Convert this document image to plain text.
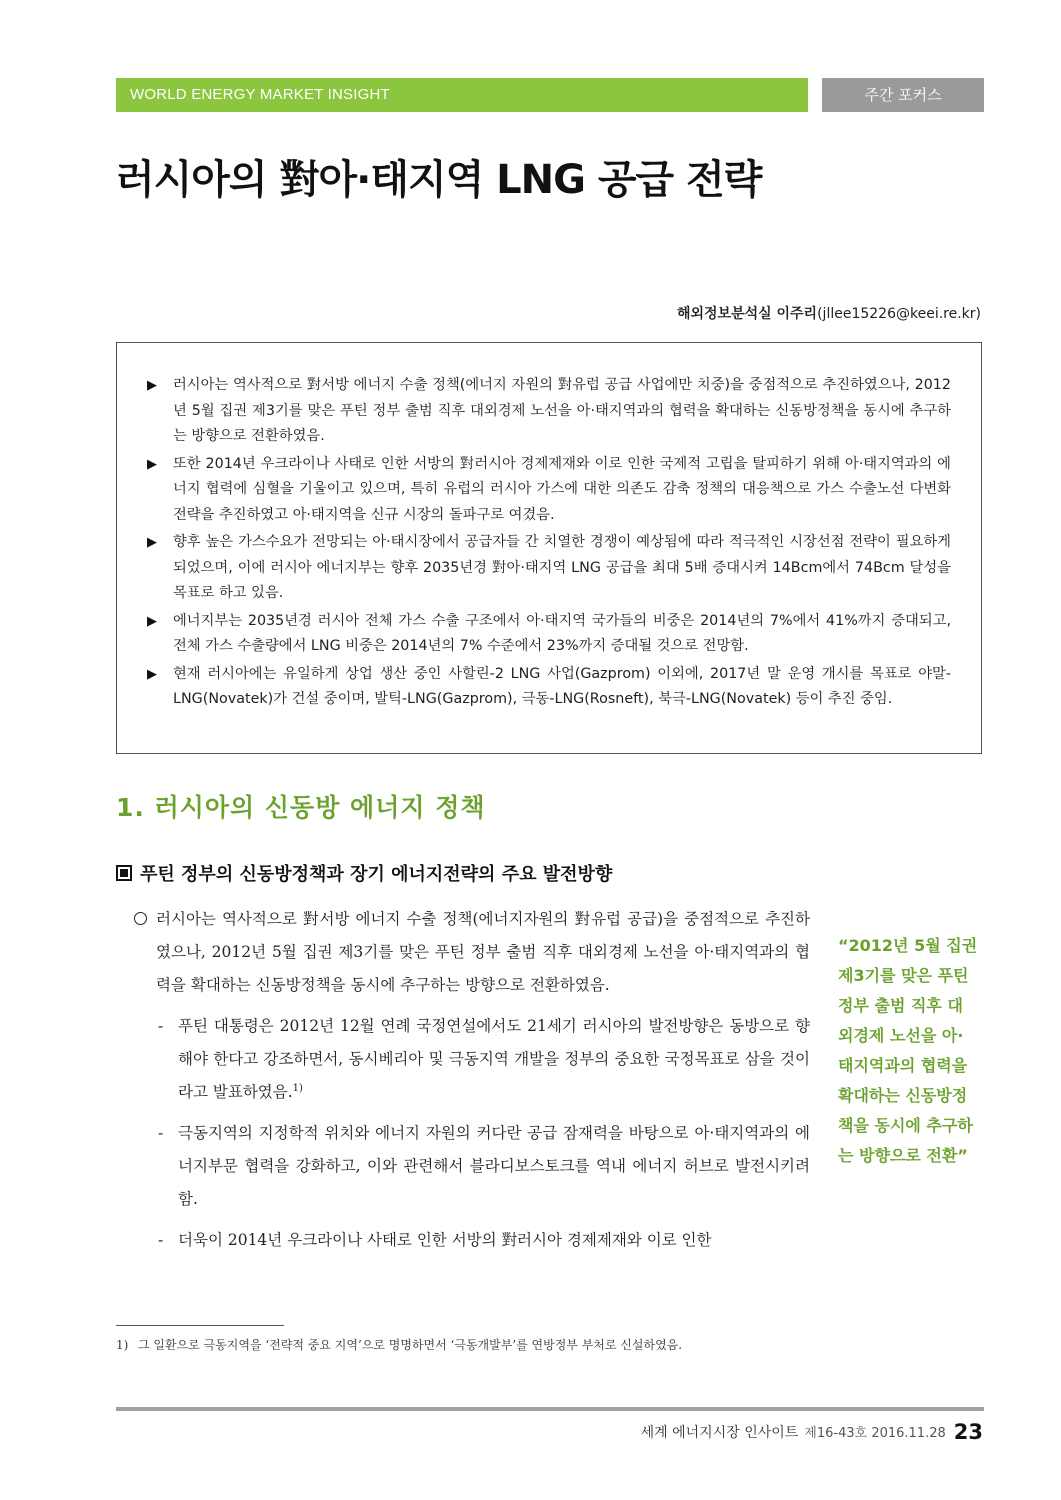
WORLD ENERGY MARKET INSIGHT	주간 포커스
러시아의 對아·태지역 LNG 공급 전략
해외정보분석실 이주리(jllee15226@keei.re.kr)
▶ 러시아는 역사적으로 對서방 에너지 수출 정책(에너지 자원의 對유럽 공급 사업에만 치중)을 중점적으로 추진하였으나, 2012년 5월 집권 제3기를 맞은 푸틴 정부 출범 직후 대외경제 노선을 아·태지역과의 협력을 확대하는 신동방정책을 동시에 추구하는 방향으로 전환하였음.
▶ 또한 2014년 우크라이나 사태로 인한 서방의 對러시아 경제제재와 이로 인한 국제적 고립을 탈피하기 위해 아·태지역과의 에너지 협력에 심혈을 기울이고 있으며, 특히 유럽의 러시아 가스에 대한 의존도 감축 정책의 대응책으로 가스 수출노선 다변화 전략을 추진하였고 아·태지역을 신규 시장의 돌파구로 여겼음.
▶ 향후 높은 가스수요가 전망되는 아·태시장에서 공급자들 간 치열한 경쟁이 예상됨에 따라 적극적인 시장선점 전략이 필요하게 되었으며, 이에 러시아 에너지부는 향후 2035년경 對아·태지역 LNG 공급을 최대 5배 증대시켜 14Bcm에서 74Bcm 달성을 목표로 하고 있음.
▶ 에너지부는 2035년경 러시아 전체 가스 수출 구조에서 아·태지역 국가들의 비중은 2014년의 7%에서 41%까지 증대되고, 전체 가스 수출량에서 LNG 비중은 2014년의 7% 수준에서 23%까지 증대될 것으로 전망함.
▶ 현재 러시아에는 유일하게 상업 생산 중인 사할린-2 LNG 사업(Gazprom) 이외에, 2017년 말 운영 개시를 목표로 야말-LNG(Novatek)가 건설 중이며, 발틱-LNG(Gazprom), 극동-LNG(Rosneft), 북극-LNG(Novatek) 등이 추진 중임.
1. 러시아의 신동방 에너지 정책
푸틴 정부의 신동방정책과 장기 에너지전략의 주요 발전방향
러시아는 역사적으로 對서방 에너지 수출 정책(에너지자원의 對유럽 공급)을 중점적으로 추진하였으나, 2012년 5월 집권 제3기를 맞은 푸틴 정부 출범 직후 대외경제 노선을 아·태지역과의 협력을 확대하는 신동방정책을 동시에 추구하는 방향으로 전환하였음.
- 푸틴 대통령은 2012년 12월 연례 국정연설에서도 21세기 러시아의 발전방향은 동방으로 향해야 한다고 강조하면서, 동시베리아 및 극동지역 개발을 정부의 중요한 국정목표로 삼을 것이라고 발표하였음.$^{1)}$
- 극동지역의 지정학적 위치와 에너지 자원의 커다란 공급 잠재력을 바탕으로 아·태지역과의 에너지부문 협력을 강화하고, 이와 관련해서 블라디보스토크를 역내 에너지 허브로 발전시키려 함.
- 더욱이 2014년 우크라이나 사태로 인한 서방의 對러시아 경제제재와 이로 인한
“2012년 5월 집권 제3기를 맞은 푸틴 정부 출범 직후 대외경제 노선을 아·태지역과의 협력을 확대하는 신동방정책을 동시에 추구하는 방향으로 전환”
1) 그 일환으로 극동지역을 ‘전략적 중요 지역’으로 명명하면서 ‘극동개발부’를 연방정부 부처로 신설하였음.
세계 에너지시장 인사이트 제16-43호 2016.11.28 23
